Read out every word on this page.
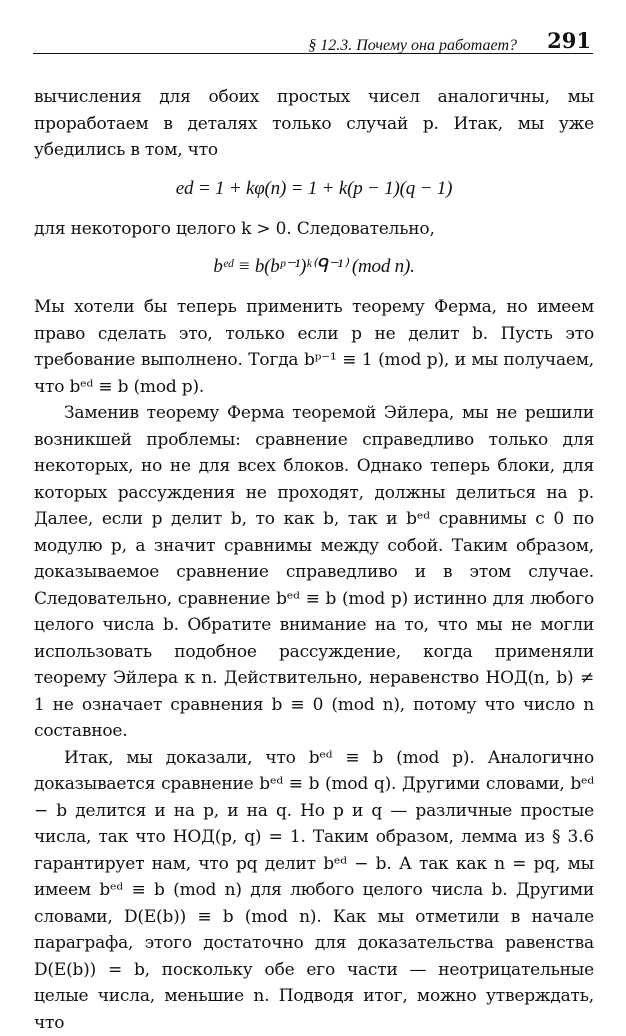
§ 12.3. Почему она работает? 291

вычисления для обоих простых чисел аналогичны, мы проработаем в деталях только случай p. Итак, мы уже убедились в том, что

ed = 1 + kφ(n) = 1 + k(p − 1)(q − 1)

для некоторого целого k > 0. Следовательно,

bᵉᵈ ≡ b(bᵖ⁻¹)ᵏ⁽ᑫ⁻¹⁾ (mod n).

Мы хотели бы теперь применить теорему Ферма, но имеем право сделать это, только если p не делит b. Пусть это требование выполнено. Тогда bᵖ⁻¹ ≡ 1 (mod p), и мы получаем, что bᵉᵈ ≡ b (mod p).

Заменив теорему Ферма теоремой Эйлера, мы не решили возникшей проблемы: сравнение справедливо только для некоторых, но не для всех блоков. Однако теперь блоки, для которых рассуждения не проходят, должны делиться на p. Далее, если p делит b, то как b, так и bᵉᵈ сравнимы с 0 по модулю p, а значит сравнимы между собой. Таким образом, доказываемое сравнение справедливо и в этом случае. Следовательно, сравнение bᵉᵈ ≡ b (mod p) истинно для любого целого числа b. Обратите внимание на то, что мы не могли использовать подобное рассуждение, когда применяли теорему Эйлера к n. Действительно, неравенство НОД(n, b) ≠ 1 не означает сравнения b ≡ 0 (mod n), потому что число n составное.

Итак, мы доказали, что bᵉᵈ ≡ b (mod p). Аналогично доказывается сравнение bᵉᵈ ≡ b (mod q). Другими словами, bᵉᵈ − b делится и на p, и на q. Но p и q — различные простые числа, так что НОД(p, q) = 1. Таким образом, лемма из § 3.6 гарантирует нам, что pq делит bᵉᵈ − b. А так как n = pq, мы имеем bᵉᵈ ≡ b (mod n) для любого целого числа b. Другими словами, D(E(b)) ≡ b (mod n). Как мы отметили в начале параграфа, этого достаточно для доказательства равенства D(E(b)) = b, поскольку обе его части — неотрицательные целые числа, меньшие n. Подводя итог, можно утверждать, что
